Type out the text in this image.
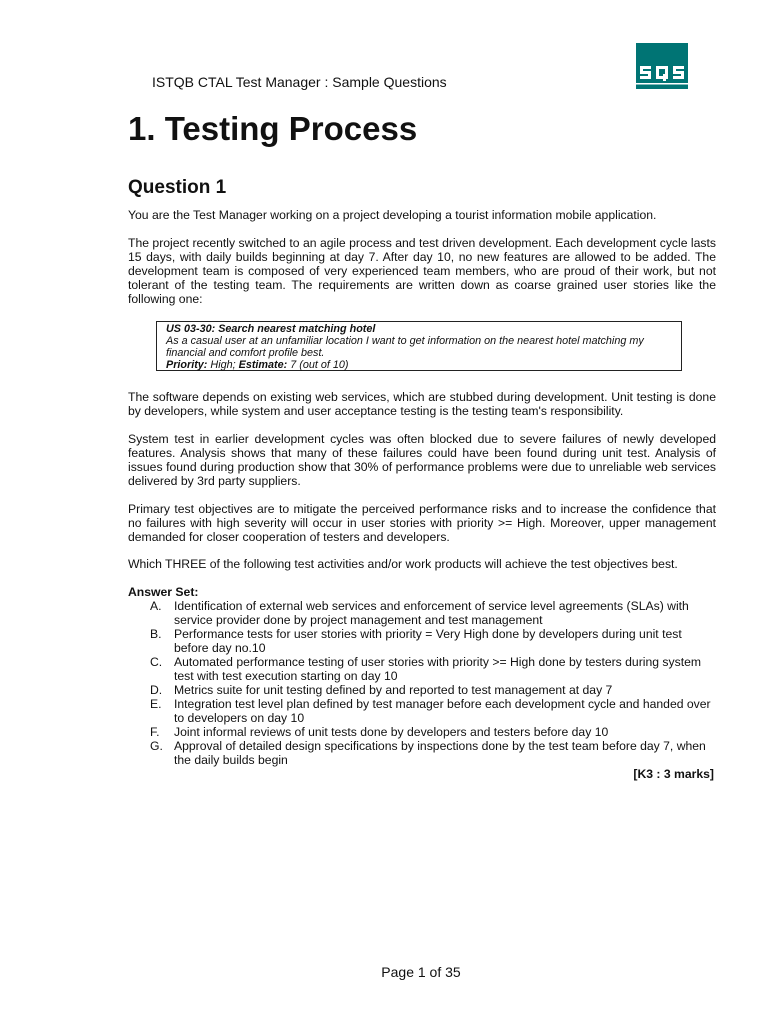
ISTQB CTAL Test Manager : Sample Questions
1. Testing Process
Question 1

You are the Test Manager working on a project developing a tourist information mobile application.

The project recently switched to an agile process and test driven development. Each development cycle lasts 15 days, with daily builds beginning at day 7. After day 10, no new features are allowed to be added. The development team is composed of very experienced team members, who are proud of their work, but not tolerant of the testing team. The requirements are written down as coarse grained user stories like the following one:

US 03-30: Search nearest matching hotel
As a casual user at an unfamiliar location I want to get information on the nearest hotel matching my financial and comfort profile best.
Priority: High; Estimate: 7 (out of 10)

The software depends on existing web services, which are stubbed during development. Unit testing is done by developers, while system and user acceptance testing is the testing team's responsibility.

System test in earlier development cycles was often blocked due to severe failures of newly developed features. Analysis shows that many of these failures could have been found during unit test. Analysis of issues found during production show that 30% of performance problems were due to unreliable web services delivered by 3rd party suppliers.

Primary test objectives are to mitigate the perceived performance risks and to increase the confidence that no failures with high severity will occur in user stories with priority >= High. Moreover, upper management demanded for closer cooperation of testers and developers.

Which THREE of the following test activities and/or work products will achieve the test objectives best.

Answer Set:
A.	Identification of external web services and enforcement of service level agreements (SLAs) with service provider done by project management and test management
B.	Performance tests for user stories with priority = Very High done by developers during unit test before day no.10
C. Automated performance testing of user stories with priority >= High done by testers during system test with test execution starting on day 10
D. Metrics suite for unit testing defined by and reported to test management at day 7
E.	Integration test level plan defined by test manager before each development cycle and handed over to developers on day 10
F.	Joint informal reviews of unit tests done by developers and testers before day 10
G. Approval of detailed design specifications by inspections done by the test team before day 7, when the daily builds begin
[K3 : 3 marks]
Page 1 of 35
